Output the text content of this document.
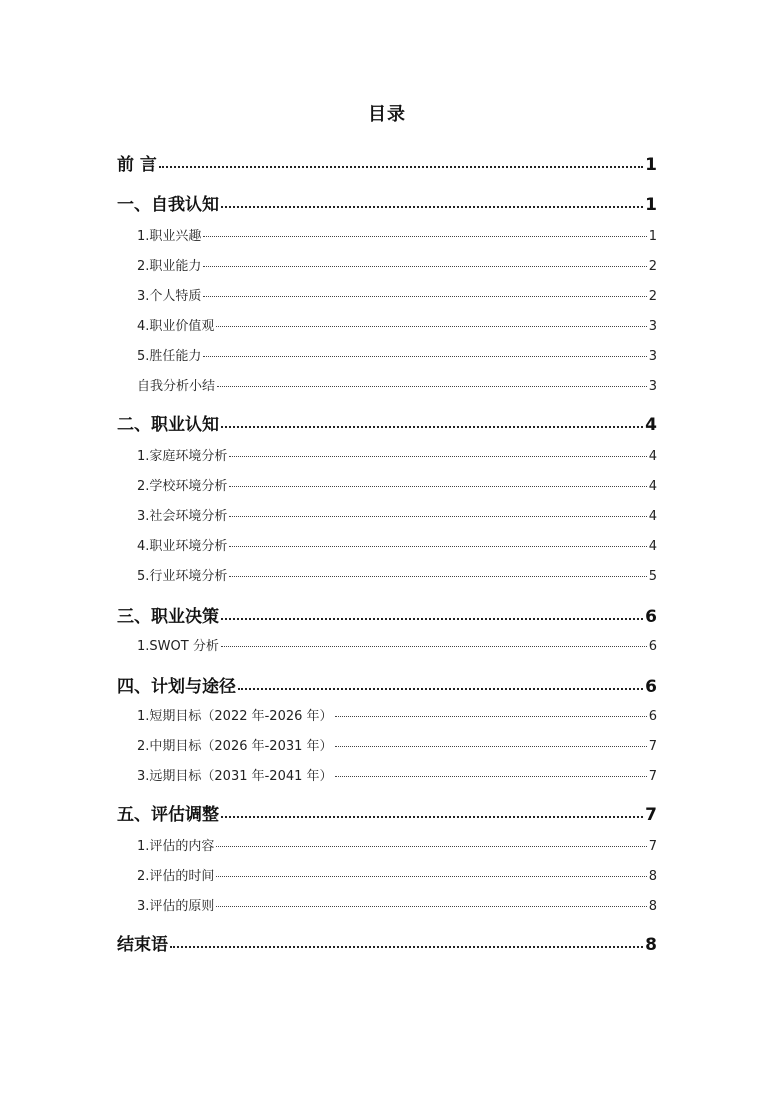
目录
前 言	1
一、自我认知	1
1.职业兴趣	1
2.职业能力	2
3.个人特质	2
4.职业价值观	3
5.胜任能力	3
自我分析小结	3
二、职业认知	4
1.家庭环境分析	4
2.学校环境分析	4
3.社会环境分析	4
4.职业环境分析	4
5.行业环境分析	5
三、职业决策	6
1.SWOT 分析	6
四、计划与途径	6
1.短期目标（2022 年-2026 年）	6
2.中期目标（2026 年-2031 年）	7
3.远期目标（2031 年-2041 年）	7
五、评估调整	7
1.评估的内容	7
2.评估的时间	8
3.评估的原则	8
结束语	8
